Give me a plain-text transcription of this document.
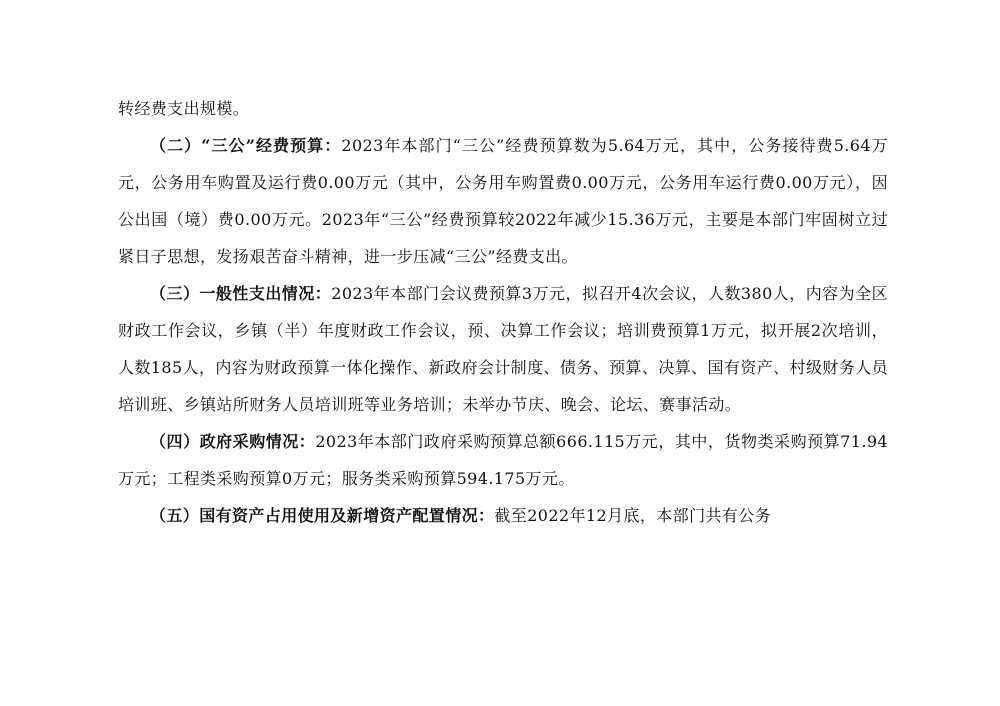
转经费支出规模。

（二）“三公”经费预算：2023年本部门“三公”经费预算数为5.64万元，其中，公务接待费5.64万元，公务用车购置及运行费0.00万元（其中，公务用车购置费0.00万元，公务用车运行费0.00万元），因公出国（境）费0.00万元。2023年“三公”经费预算较2022年减少15.36万元，主要是本部门牢固树立过紧日子思想，发扬艰苦奋斗精神，进一步压减“三公”经费支出。

（三）一般性支出情况：2023年本部门会议费预算3万元，拟召开4次会议，人数380人，内容为全区财政工作会议，乡镇（半）年度财政工作会议，预、决算工作会议；培训费预算1万元，拟开展2次培训，人数185人，内容为财政预算一体化操作、新政府会计制度、债务、预算、决算、国有资产、村级财务人员培训班、乡镇站所财务人员培训班等业务培训；未举办节庆、晚会、论坛、赛事活动。

（四）政府采购情况：2023年本部门政府采购预算总额666.115万元，其中，货物类采购预算71.94万元；工程类采购预算0万元；服务类采购预算594.175万元。

（五）国有资产占用使用及新增资产配置情况：截至2022年12月底，本部门共有公务
